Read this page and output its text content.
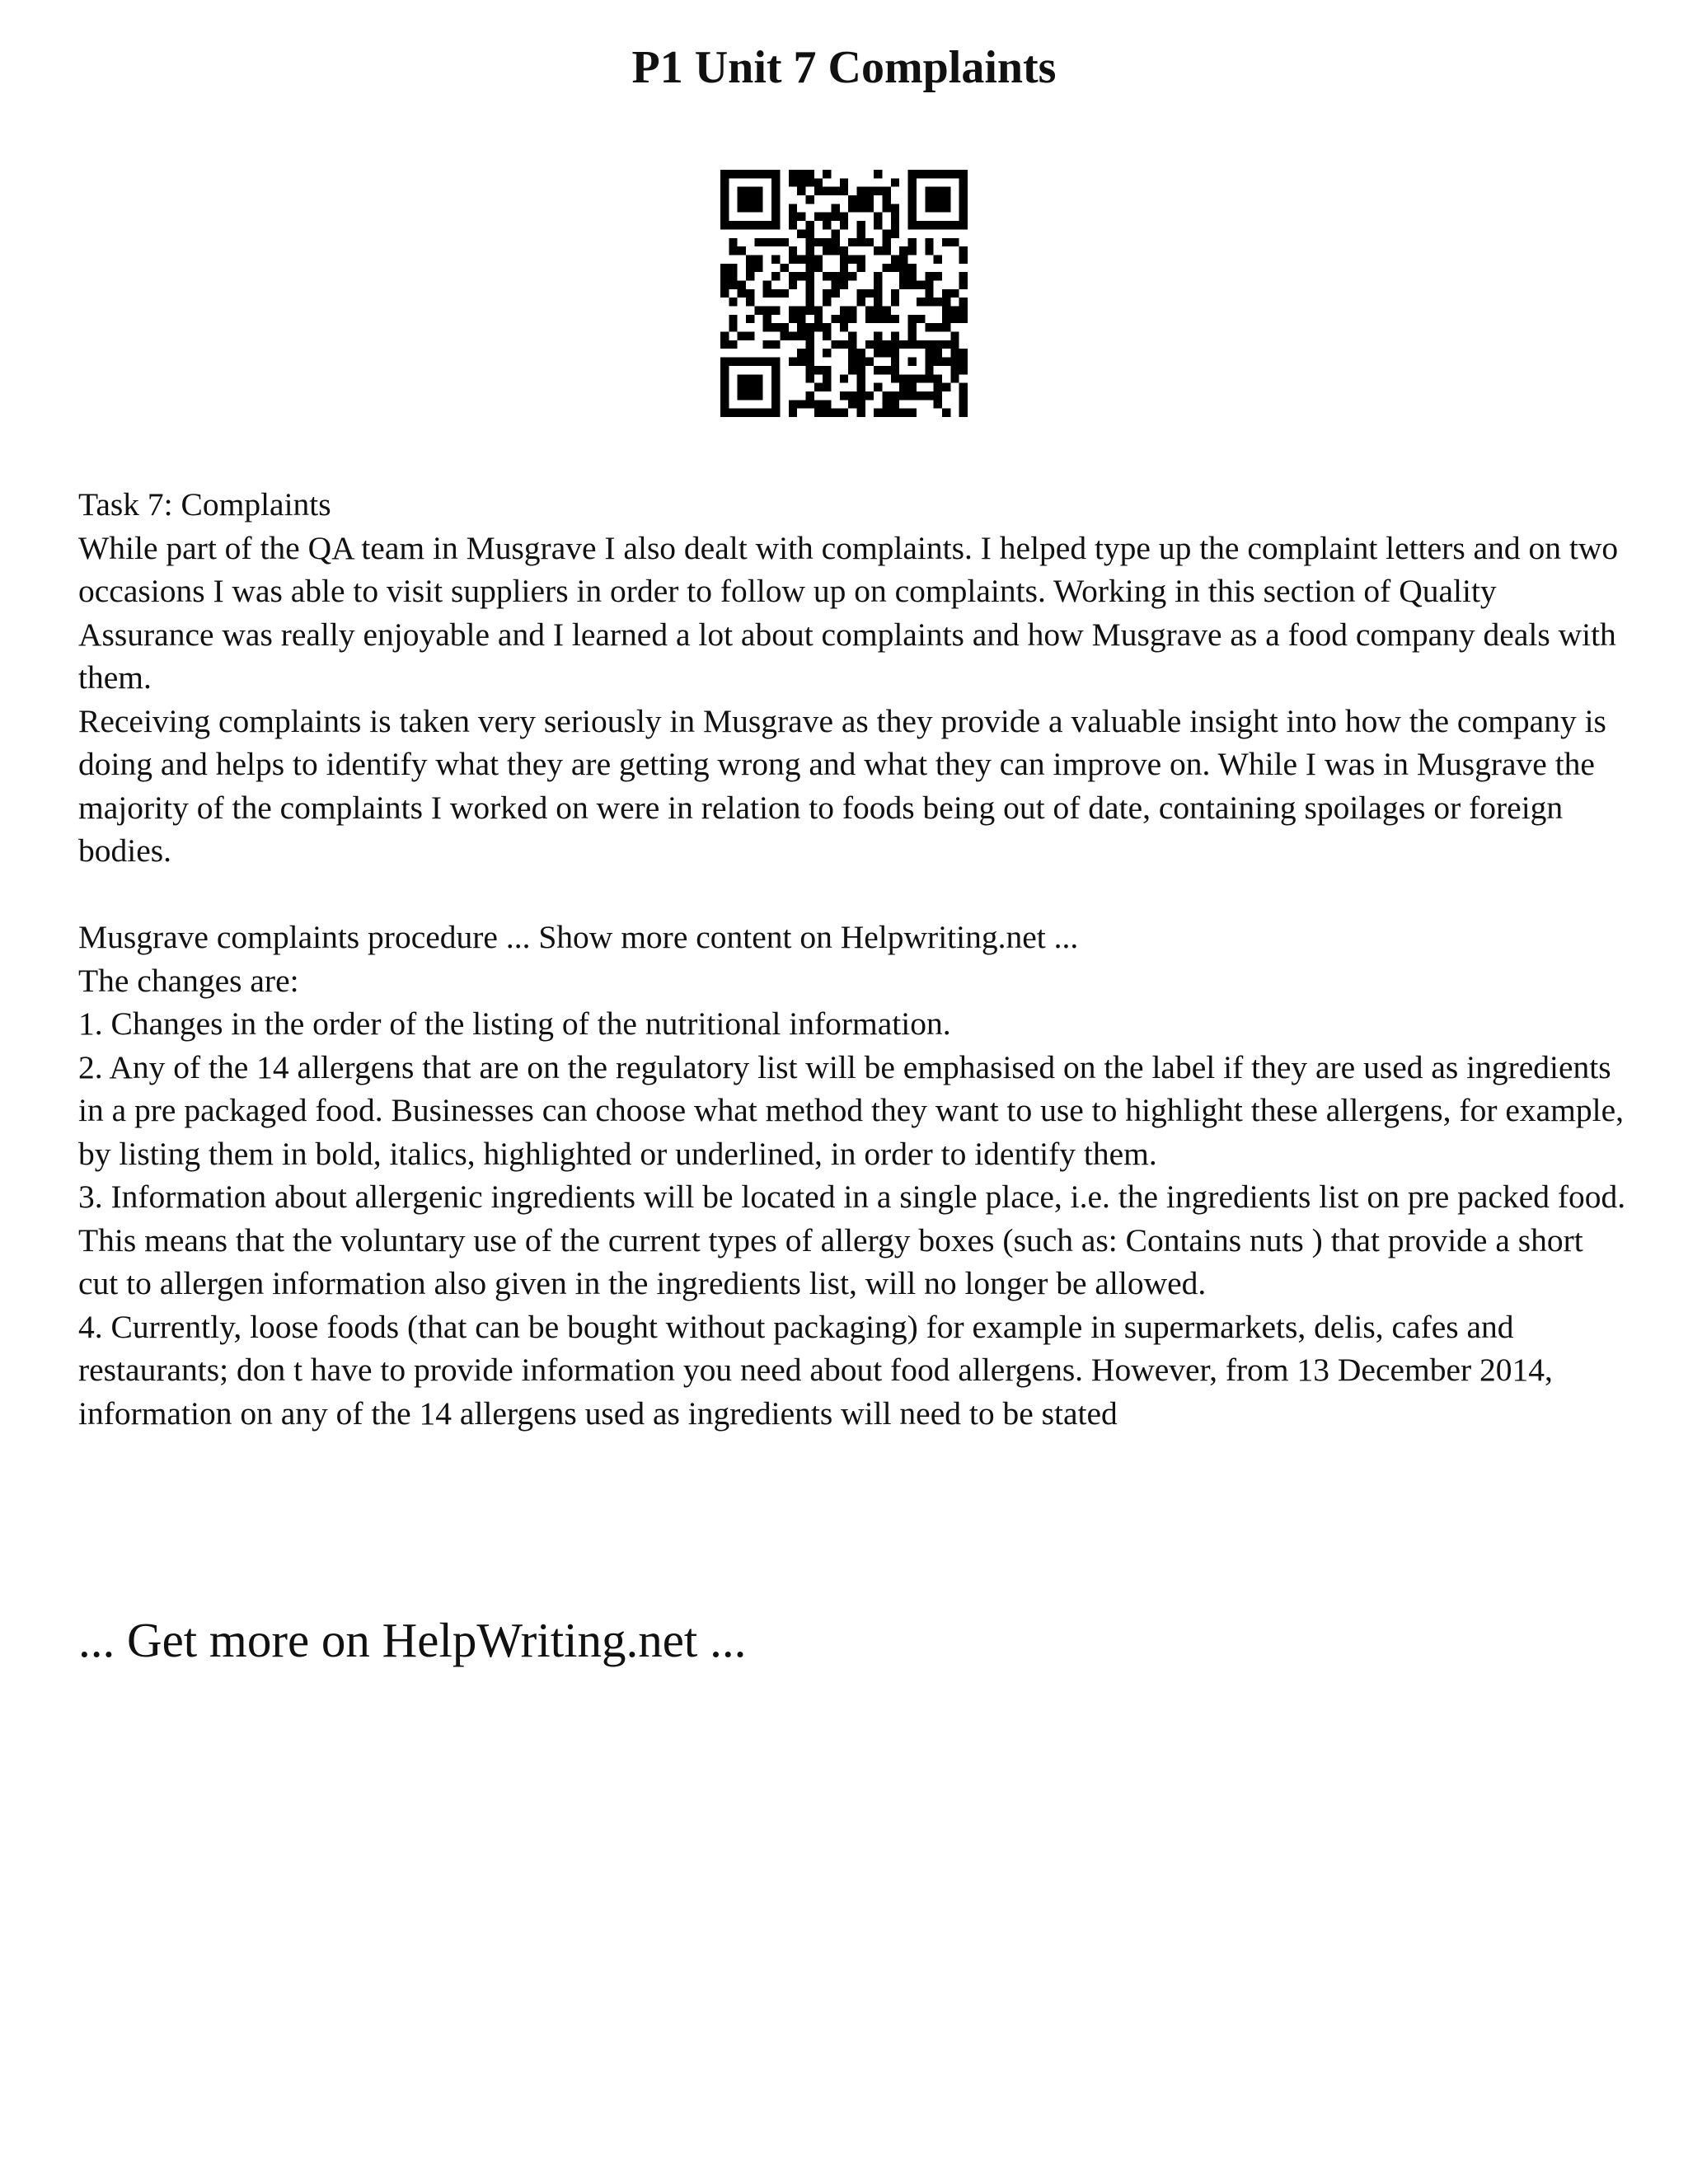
P1 Unit 7 Complaints

Task 7: Complaints

While part of the QA team in Musgrave I also dealt with complaints. I helped type up the complaint letters and on two occasions I was able to visit suppliers in order to follow up on complaints. Working in this section of Quality Assurance was really enjoyable and I learned a lot about complaints and how Musgrave as a food company deals with them.

Receiving complaints is taken very seriously in Musgrave as they provide a valuable insight into how the company is doing and helps to identify what they are getting wrong and what they can improve on. While I was in Musgrave the majority of the complaints I worked on were in relation to foods being out of date, containing spoilages or foreign bodies.

Musgrave complaints procedure ... Show more content on Helpwriting.net ...

The changes are:

1. Changes in the order of the listing of the nutritional information.

2. Any of the 14 allergens that are on the regulatory list will be emphasised on the label if they are used as ingredients in a pre packaged food. Businesses can choose what method they want to use to highlight these allergens, for example, by listing them in bold, italics, highlighted or underlined, in order to identify them.

3. Information about allergenic ingredients will be located in a single place, i.e. the ingredients list on pre packed food. This means that the voluntary use of the current types of allergy boxes (such as: Contains nuts ) that provide a short cut to allergen information also given in the ingredients list, will no longer be allowed.

4. Currently, loose foods (that can be bought without packaging) for example in supermarkets, delis, cafes and restaurants; don t have to provide information you need about food allergens. However, from 13 December 2014, information on any of the 14 allergens used as ingredients will need to be stated

... Get more on HelpWriting.net ...
